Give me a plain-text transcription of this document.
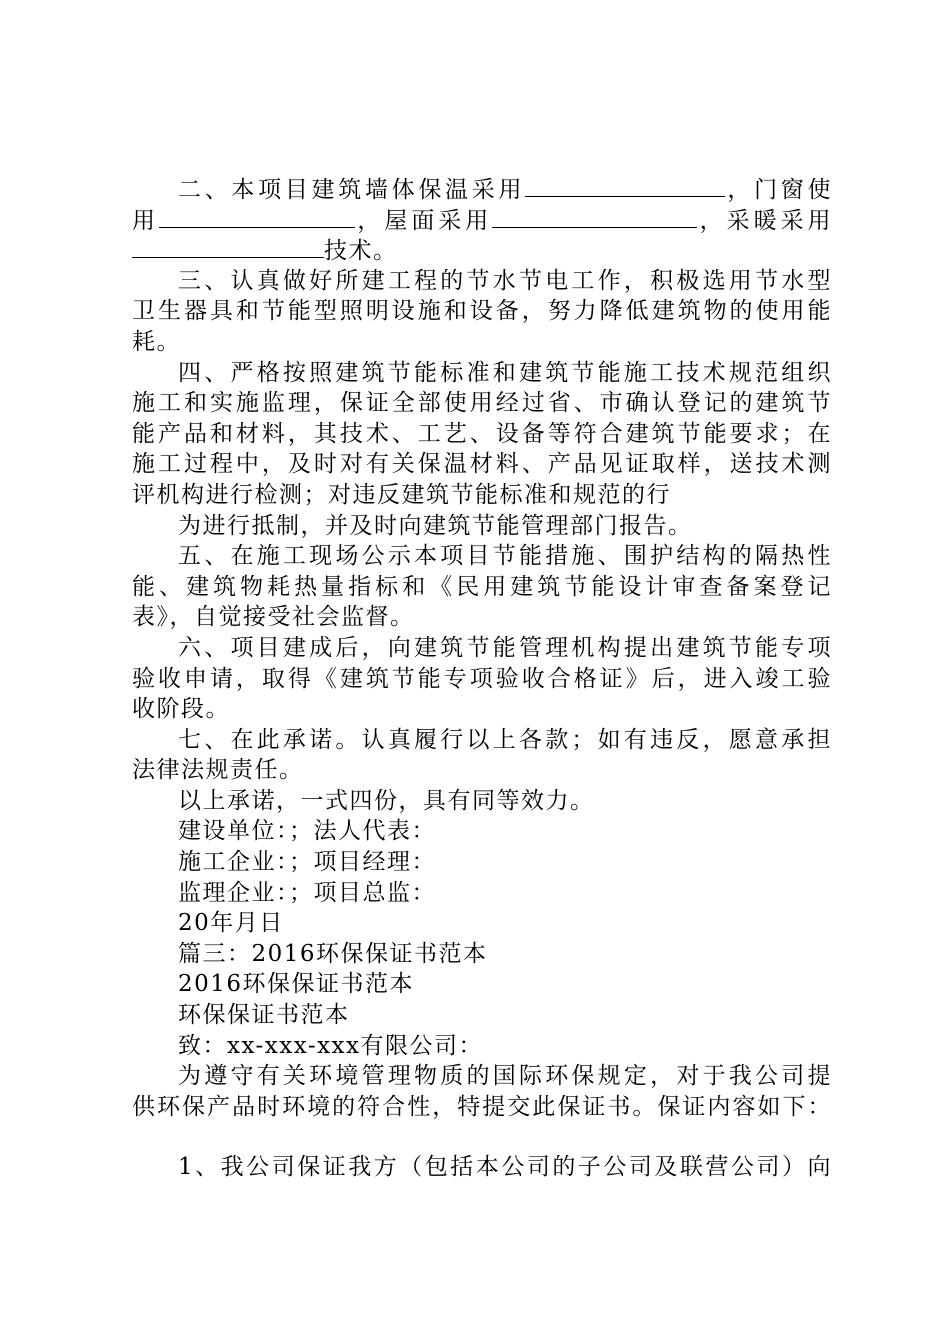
二、本项目建筑墙体保温采用	，门窗使
用	，屋面采用	，采暖采用
技术。
三、认真做好所建工程的节水节电工作，积极选用节水型
卫生器具和节能型照明设施和设备，努力降低建筑物的使用能
耗。
四、严格按照建筑节能标准和建筑节能施工技术规范组织
施工和实施监理，保证全部使用经过省、市确认登记的建筑节
能产品和材料，其技术、工艺、设备等符合建筑节能要求；在
施工过程中，及时对有关保温材料、产品见证取样，送技术测
评机构进行检测；对违反建筑节能标准和规范的行
为进行抵制，并及时向建筑节能管理部门报告。
五、在施工现场公示本项目节能措施、围护结构的隔热性
能、建筑物耗热量指标和《民用建筑节能设计审查备案登记
表》，自觉接受社会监督。
六、项目建成后，向建筑节能管理机构提出建筑节能专项
验收申请，取得《建筑节能专项验收合格证》后，进入竣工验
收阶段。
七、在此承诺。认真履行以上各款；如有违反，愿意承担
法律法规责任。
以上承诺，一式四份，具有同等效力。
建设单位：；法人代表：
施工企业：；项目经理：
监理企业：；项目总监：
20年月日
篇三：2016环保保证书范本
2016环保保证书范本
环保保证书范本
致：xx-xxx-xxx有限公司：
为遵守有关环境管理物质的国际环保规定，对于我公司提
供环保产品时环境的符合性，特提交此保证书。保证内容如下：
1、我公司保证我方（包括本公司的子公司及联营公司）向
